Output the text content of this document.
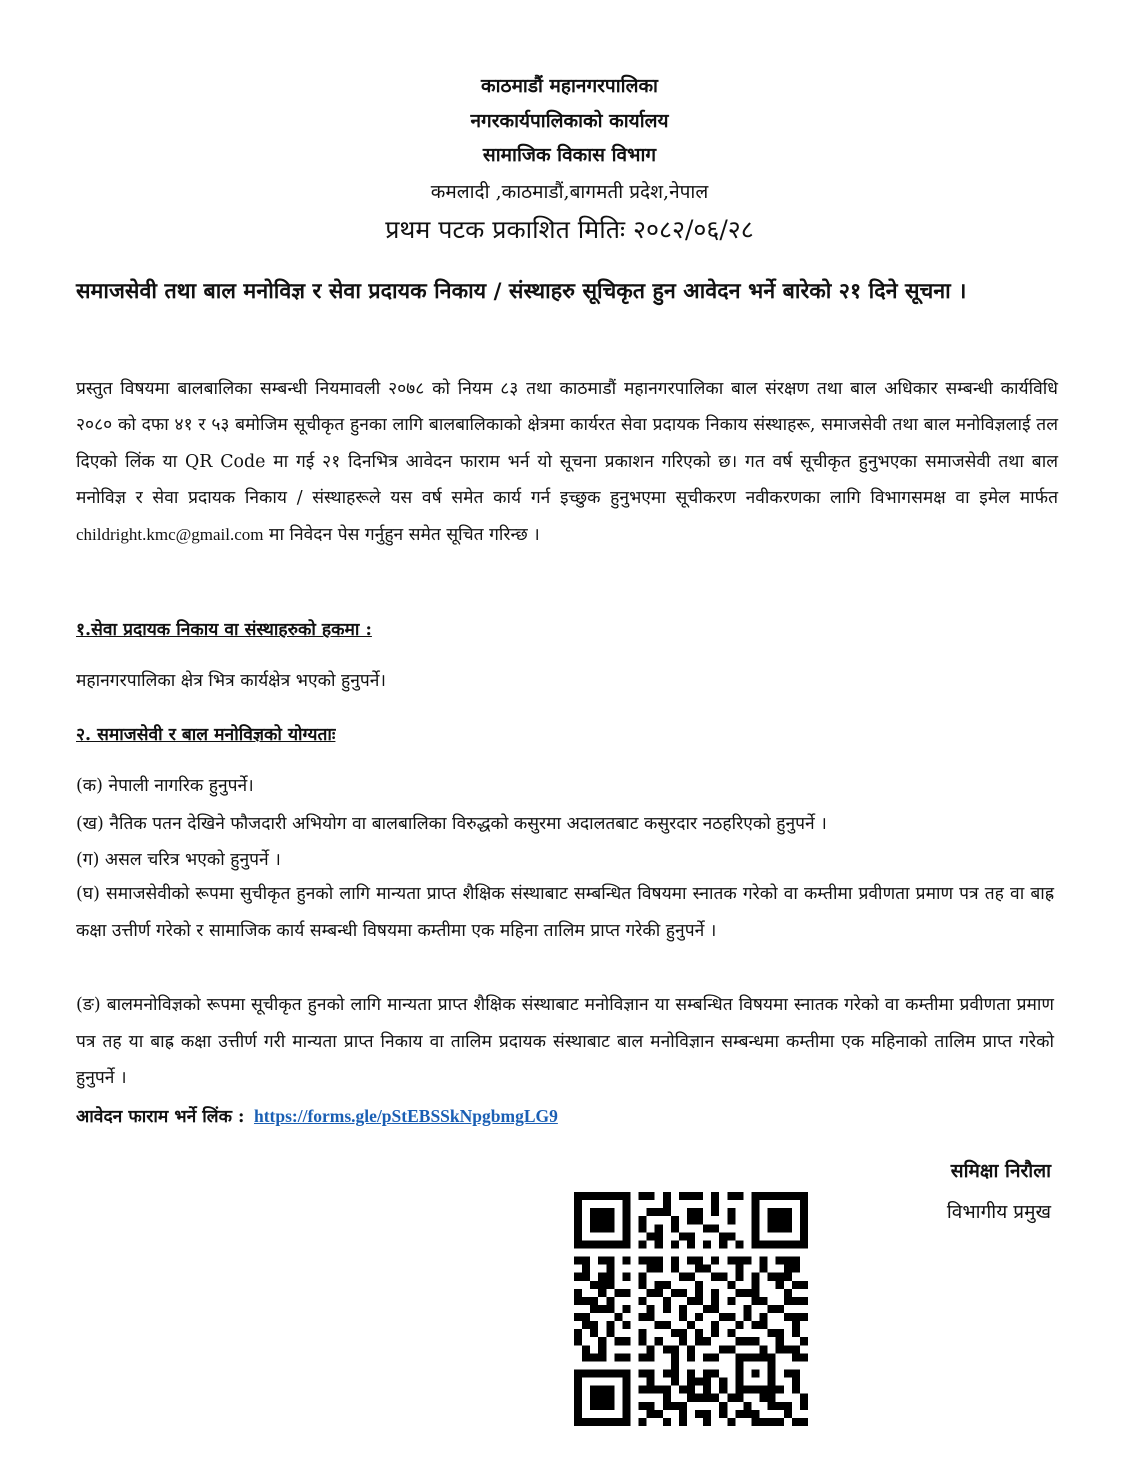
काठमाडौं महानगरपालिका
नगरकार्यपालिकाको कार्यालय
सामाजिक विकास विभाग
कमलादी ,काठमाडौं,बागमती प्रदेश,नेपाल
प्रथम पटक प्रकाशित मितिः २०८२/०६/२८
समाजसेवी तथा बाल मनोविज्ञ र सेवा प्रदायक निकाय / संस्थाहरु सूचिकृत हुन आवेदन भर्ने बारेको २१ दिने सूचना ।
प्रस्तुत विषयमा बालबालिका सम्बन्धी नियमावली २०७८ को नियम ८३ तथा काठमाडौं महानगरपालिका बाल संरक्षण तथा बाल अधिकार सम्बन्धी कार्यविधि २०८० को दफा ४१ र ५३ बमोजिम सूचीकृत हुनका लागि बालबालिकाको क्षेत्रमा कार्यरत सेवा प्रदायक निकाय संस्थाहरू, समाजसेवी तथा बाल मनोविज्ञलाई तल दिएको लिंक या QR Code मा गई २१ दिनभित्र आवेदन फाराम भर्न यो सूचना प्रकाशन गरिएको छ। गत वर्ष सूचीकृत हुनुभएका समाजसेवी तथा बाल मनोविज्ञ र सेवा प्रदायक निकाय / संस्थाहरूले यस वर्ष समेत कार्य गर्न इच्छुक हुनुभएमा सूचीकरण नवीकरणका लागि विभागसमक्ष वा इमेल मार्फत childright.kmc@gmail.com मा निवेदन पेस गर्नुहुन समेत सूचित गरिन्छ ।
१.सेवा प्रदायक निकाय वा संस्थाहरुको हकमा :
महानगरपालिका क्षेत्र भित्र कार्यक्षेत्र भएको हुनुपर्ने।
२. समाजसेवी र बाल मनोविज्ञको योग्यताः
(क) नेपाली नागरिक हुनुपर्ने।
(ख) नैतिक पतन देखिने फौजदारी अभियोग वा बालबालिका विरुद्धको कसुरमा अदालतबाट कसुरदार नठहरिएको हुनुपर्ने ।
(ग) असल चरित्र भएको हुनुपर्ने ।
(घ) समाजसेवीको रूपमा सुचीकृत हुनको लागि मान्यता प्राप्त शैक्षिक संस्थाबाट सम्बन्धित विषयमा स्नातक गरेको वा कम्तीमा प्रवीणता प्रमाण पत्र तह वा बाह्र कक्षा उत्तीर्ण गरेको र सामाजिक कार्य सम्बन्धी विषयमा कम्तीमा एक महिना तालिम प्राप्त गरेकी हुनुपर्ने ।
(ङ) बालमनोविज्ञको रूपमा सूचीकृत हुनको लागि मान्यता प्राप्त शैक्षिक संस्थाबाट मनोविज्ञान या सम्बन्धित विषयमा स्नातक गरेको वा कम्तीमा प्रवीणता प्रमाण पत्र तह या बाह्र कक्षा उत्तीर्ण गरी मान्यता प्राप्त निकाय वा तालिम प्रदायक संस्थाबाट बाल मनोविज्ञान सम्बन्धमा कम्तीमा एक महिनाको तालिम प्राप्त गरेको हुनुपर्ने ।
आवेदन फाराम भर्ने लिंक : https://forms.gle/pStEBSSkNpgbmgLG9
समिक्षा निरौला
विभागीय प्रमुख
